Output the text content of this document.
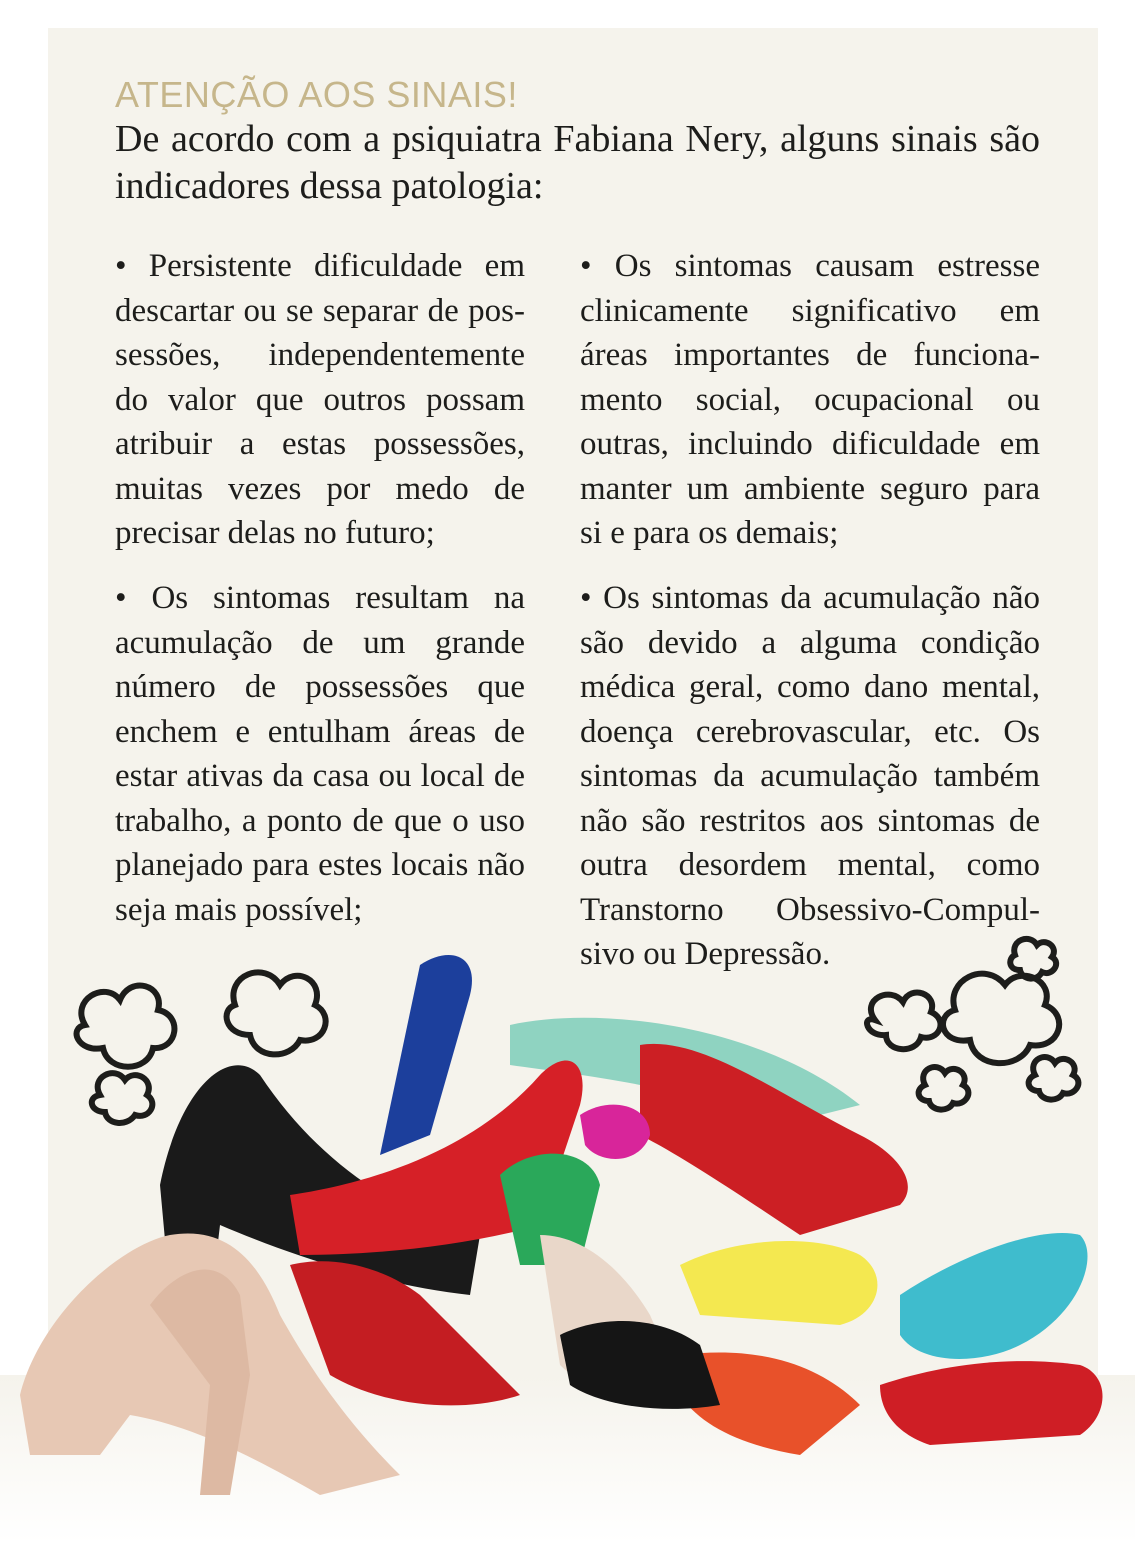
ATENÇÃO AOS SINAIS!

De acordo com a psiquiatra Fabiana Nery, alguns sinais são indicadores dessa patologia:

• Persistente dificuldade em descartar ou se separar de pos- sessões, independentemente do valor que outros possam atribuir a estas possessões, muitas vezes por medo de precisar delas no futuro;

• Os sintomas causam estresse clinicamente significativo em áreas importantes de funciona- mento social, ocupacional ou outras, incluindo dificuldade em manter um ambiente seguro para si e para os demais;

• Os sintomas resultam na acumulação de um grande número de possessões que enchem e entulham áreas de estar ativas da casa ou local de trabalho, a ponto de que o uso planejado para estes locais não seja mais possível;

• Os sintomas da acumulação não são devido a alguma condição médica geral, como dano mental, doença cerebrovascular, etc. Os sintomas da acumulação também não são restritos aos sintomas de outra desordem mental, como Transtorno Obsessivo-Compul- sivo ou Depressão.
